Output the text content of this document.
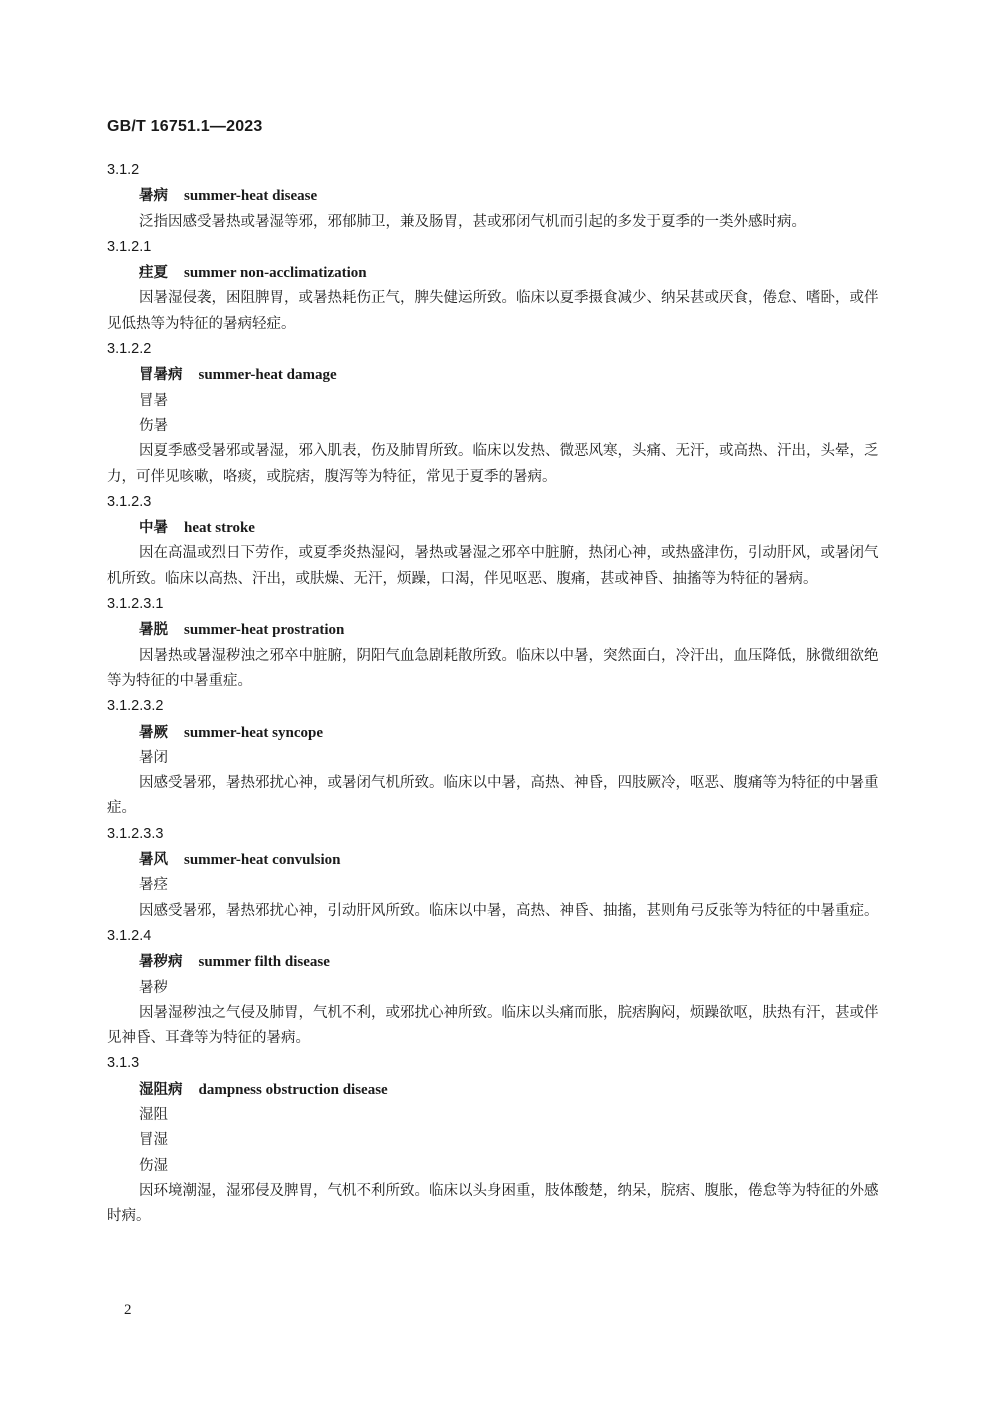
GB/T 16751.1—2023
3.1.2
暑病 summer-heat disease

泛指因感受暑热或暑湿等邪，邪郁肺卫，兼及肠胃，甚或邪闭气机而引起的多发于夏季的一类外感时病。

3.1.2.1
疰夏 summer non-acclimatization

因暑湿侵袭，困阻脾胃，或暑热耗伤正气，脾失健运所致。临床以夏季摄食减少、纳呆甚或厌食，倦怠、嗜卧，或伴见低热等为特征的暑病轻症。

3.1.2.2
冒暑病 summer-heat damage
冒暑
伤暑

因夏季感受暑邪或暑湿，邪入肌表，伤及肺胃所致。临床以发热、微恶风寒，头痛、无汗，或高热、汗出，头晕，乏力，可伴见咳嗽，咯痰，或脘痞，腹泻等为特征，常见于夏季的暑病。

3.1.2.3
中暑 heat stroke

因在高温或烈日下劳作，或夏季炎热湿闷，暑热或暑湿之邪卒中脏腑，热闭心神，或热盛津伤，引动肝风，或暑闭气机所致。临床以高热、汗出，或肤燥、无汗，烦躁，口渴，伴见呕恶、腹痛，甚或神昏、抽搐等为特征的暑病。

3.1.2.3.1
暑脱 summer-heat prostration

因暑热或暑湿秽浊之邪卒中脏腑，阴阳气血急剧耗散所致。临床以中暑，突然面白，冷汗出，血压降低，脉微细欲绝等为特征的中暑重症。

3.1.2.3.2
暑厥 summer-heat syncope
暑闭

因感受暑邪，暑热邪扰心神，或暑闭气机所致。临床以中暑，高热、神昏，四肢厥冷，呕恶、腹痛等为特征的中暑重症。

3.1.2.3.3
暑风 summer-heat convulsion
暑痉

因感受暑邪，暑热邪扰心神，引动肝风所致。临床以中暑，高热、神昏、抽搐，甚则角弓反张等为特征的中暑重症。

3.1.2.4
暑秽病 summer filth disease
暑秽

因暑湿秽浊之气侵及肺胃，气机不利，或邪扰心神所致。临床以头痛而胀，脘痞胸闷，烦躁欲呕，肤热有汗，甚或伴见神昏、耳聋等为特征的暑病。

3.1.3
湿阻病 dampness obstruction disease
湿阻
冒湿
伤湿

因环境潮湿，湿邪侵及脾胃，气机不利所致。临床以头身困重，肢体酸楚，纳呆，脘痞、腹胀，倦怠等为特征的外感时病。

2
